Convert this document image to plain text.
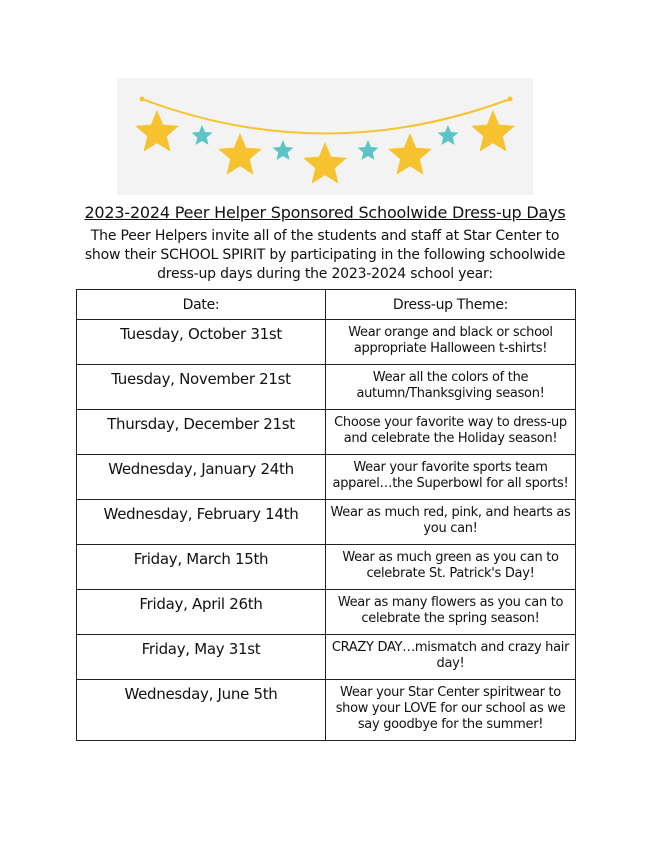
2023-2024 Peer Helper Sponsored Schoolwide Dress-up Days
The Peer Helpers invite all of the students and staff at Star Center to show their SCHOOL SPIRIT by participating in the following schoolwide dress-up days during the 2023-2024 school year:
Date:	Dress-up Theme:
Tuesday, October 31st	Wear orange and black or school appropriate Halloween t-shirts!
Tuesday, November 21st	Wear all the colors of the autumn/Thanksgiving season!
Thursday, December 21st	Choose your favorite way to dress-up and celebrate the Holiday season!
Wednesday, January 24th	Wear your favorite sports team apparel…the Superbowl for all sports!
Wednesday, February 14th	Wear as much red, pink, and hearts as you can!
Friday, March 15th	Wear as much green as you can to celebrate St. Patrick's Day!
Friday, April 26th	Wear as many flowers as you can to celebrate the spring season!
Friday, May 31st	CRAZY DAY…mismatch and crazy hair day!
Wednesday, June 5th	Wear your Star Center spiritwear to show your LOVE for our school as we say goodbye for the summer!
